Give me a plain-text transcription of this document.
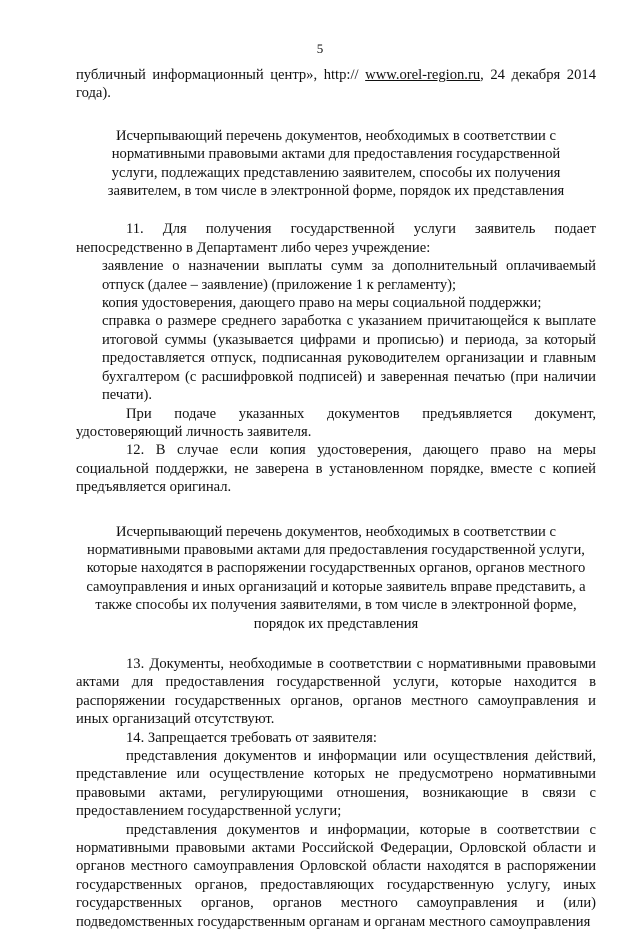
5

публичный информационный центр», http:// www.orel-region.ru, 24 декабря 2014 года).

Исчерпывающий перечень документов, необходимых в соответствии с нормативными правовыми актами для предоставления государственной услуги, подлежащих представлению заявителем, способы их получения заявителем, в том числе в электронной форме, порядок их представления

11. Для получения государственной услуги заявитель подает непосредственно в Департамент либо через учреждение:

заявление о назначении выплаты сумм за дополнительный оплачиваемый отпуск (далее – заявление) (приложение 1 к регламенту);

копия удостоверения, дающего право на меры социальной поддержки;

справка о размере среднего заработка с указанием причитающейся к выплате итоговой суммы (указывается цифрами и прописью) и периода, за который предоставляется отпуск, подписанная руководителем организации и главным бухгалтером (с расшифровкой подписей) и заверенная печатью (при наличии печати).

При подаче указанных документов предъявляется документ, удостоверяющий личность заявителя.

12. В случае если копия удостоверения, дающего право на меры социальной поддержки, не заверена в установленном порядке, вместе с копией предъявляется оригинал.

Исчерпывающий перечень документов, необходимых в соответствии с нормативными правовыми актами для предоставления государственной услуги, которые находятся в распоряжении государственных органов, органов местного самоуправления и иных организаций и которые заявитель вправе представить, а также способы их получения заявителями, в том числе в электронной форме, порядок их представления

13. Документы, необходимые в соответствии с нормативными правовыми актами для предоставления государственной услуги, которые находится в распоряжении государственных органов, органов местного самоуправления и иных организаций отсутствуют.

14. Запрещается требовать от заявителя:

представления документов и информации или осуществления действий, представление или осуществление которых не предусмотрено нормативными правовыми актами, регулирующими отношения, возникающие в связи с предоставлением государственной услуги;

представления документов и информации, которые в соответствии с нормативными правовыми актами Российской Федерации, Орловской области и органов местного самоуправления Орловской области находятся в распоряжении государственных органов, предоставляющих государственную услугу, иных государственных органов, органов местного самоуправления и (или) подведомственных государственным органам и органам местного самоуправления
